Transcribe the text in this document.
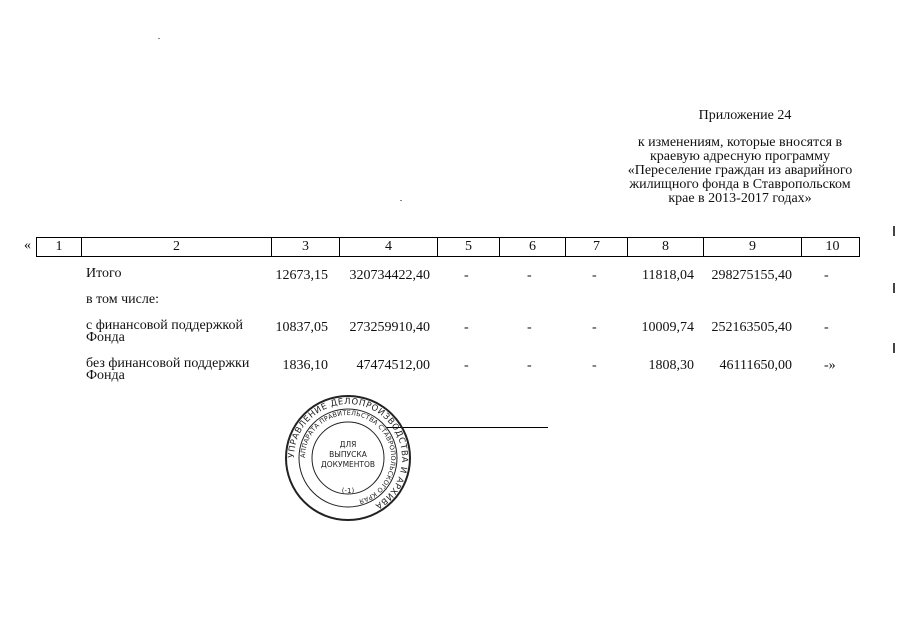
Приложение 24
к изменениям, которые вносятся в
краевую адресную программу
«Переселение граждан из аварийного
жилищного фонда в Ставропольском
крае в 2013-2017 годах»
«	1	2	3	4	5	6	7	8	9	10
Итого	12673,15 320734422,40 -	-	-	11818,04 298275155,40 -
в том числе:
с финансовой поддержкой
Фонда
10837,05 273259910,40 -	-	-	10009,74 252163505,40 -
без финансовой поддержки
Фонда
1836,10 47474512,00 -	-	-	1808,30 46111650,00 -»
УПРАВЛЕНИЕ ДЕЛОПРОИЗВОДСТВА И АРХИВА
АППАРАТА ПРАВИТЕЛЬСТВА СТАВРОПОЛЬСКОГО КРАЯ
(-1)
ДЛЯ
ВЫПУСКА
ДОКУМЕНТОВ
